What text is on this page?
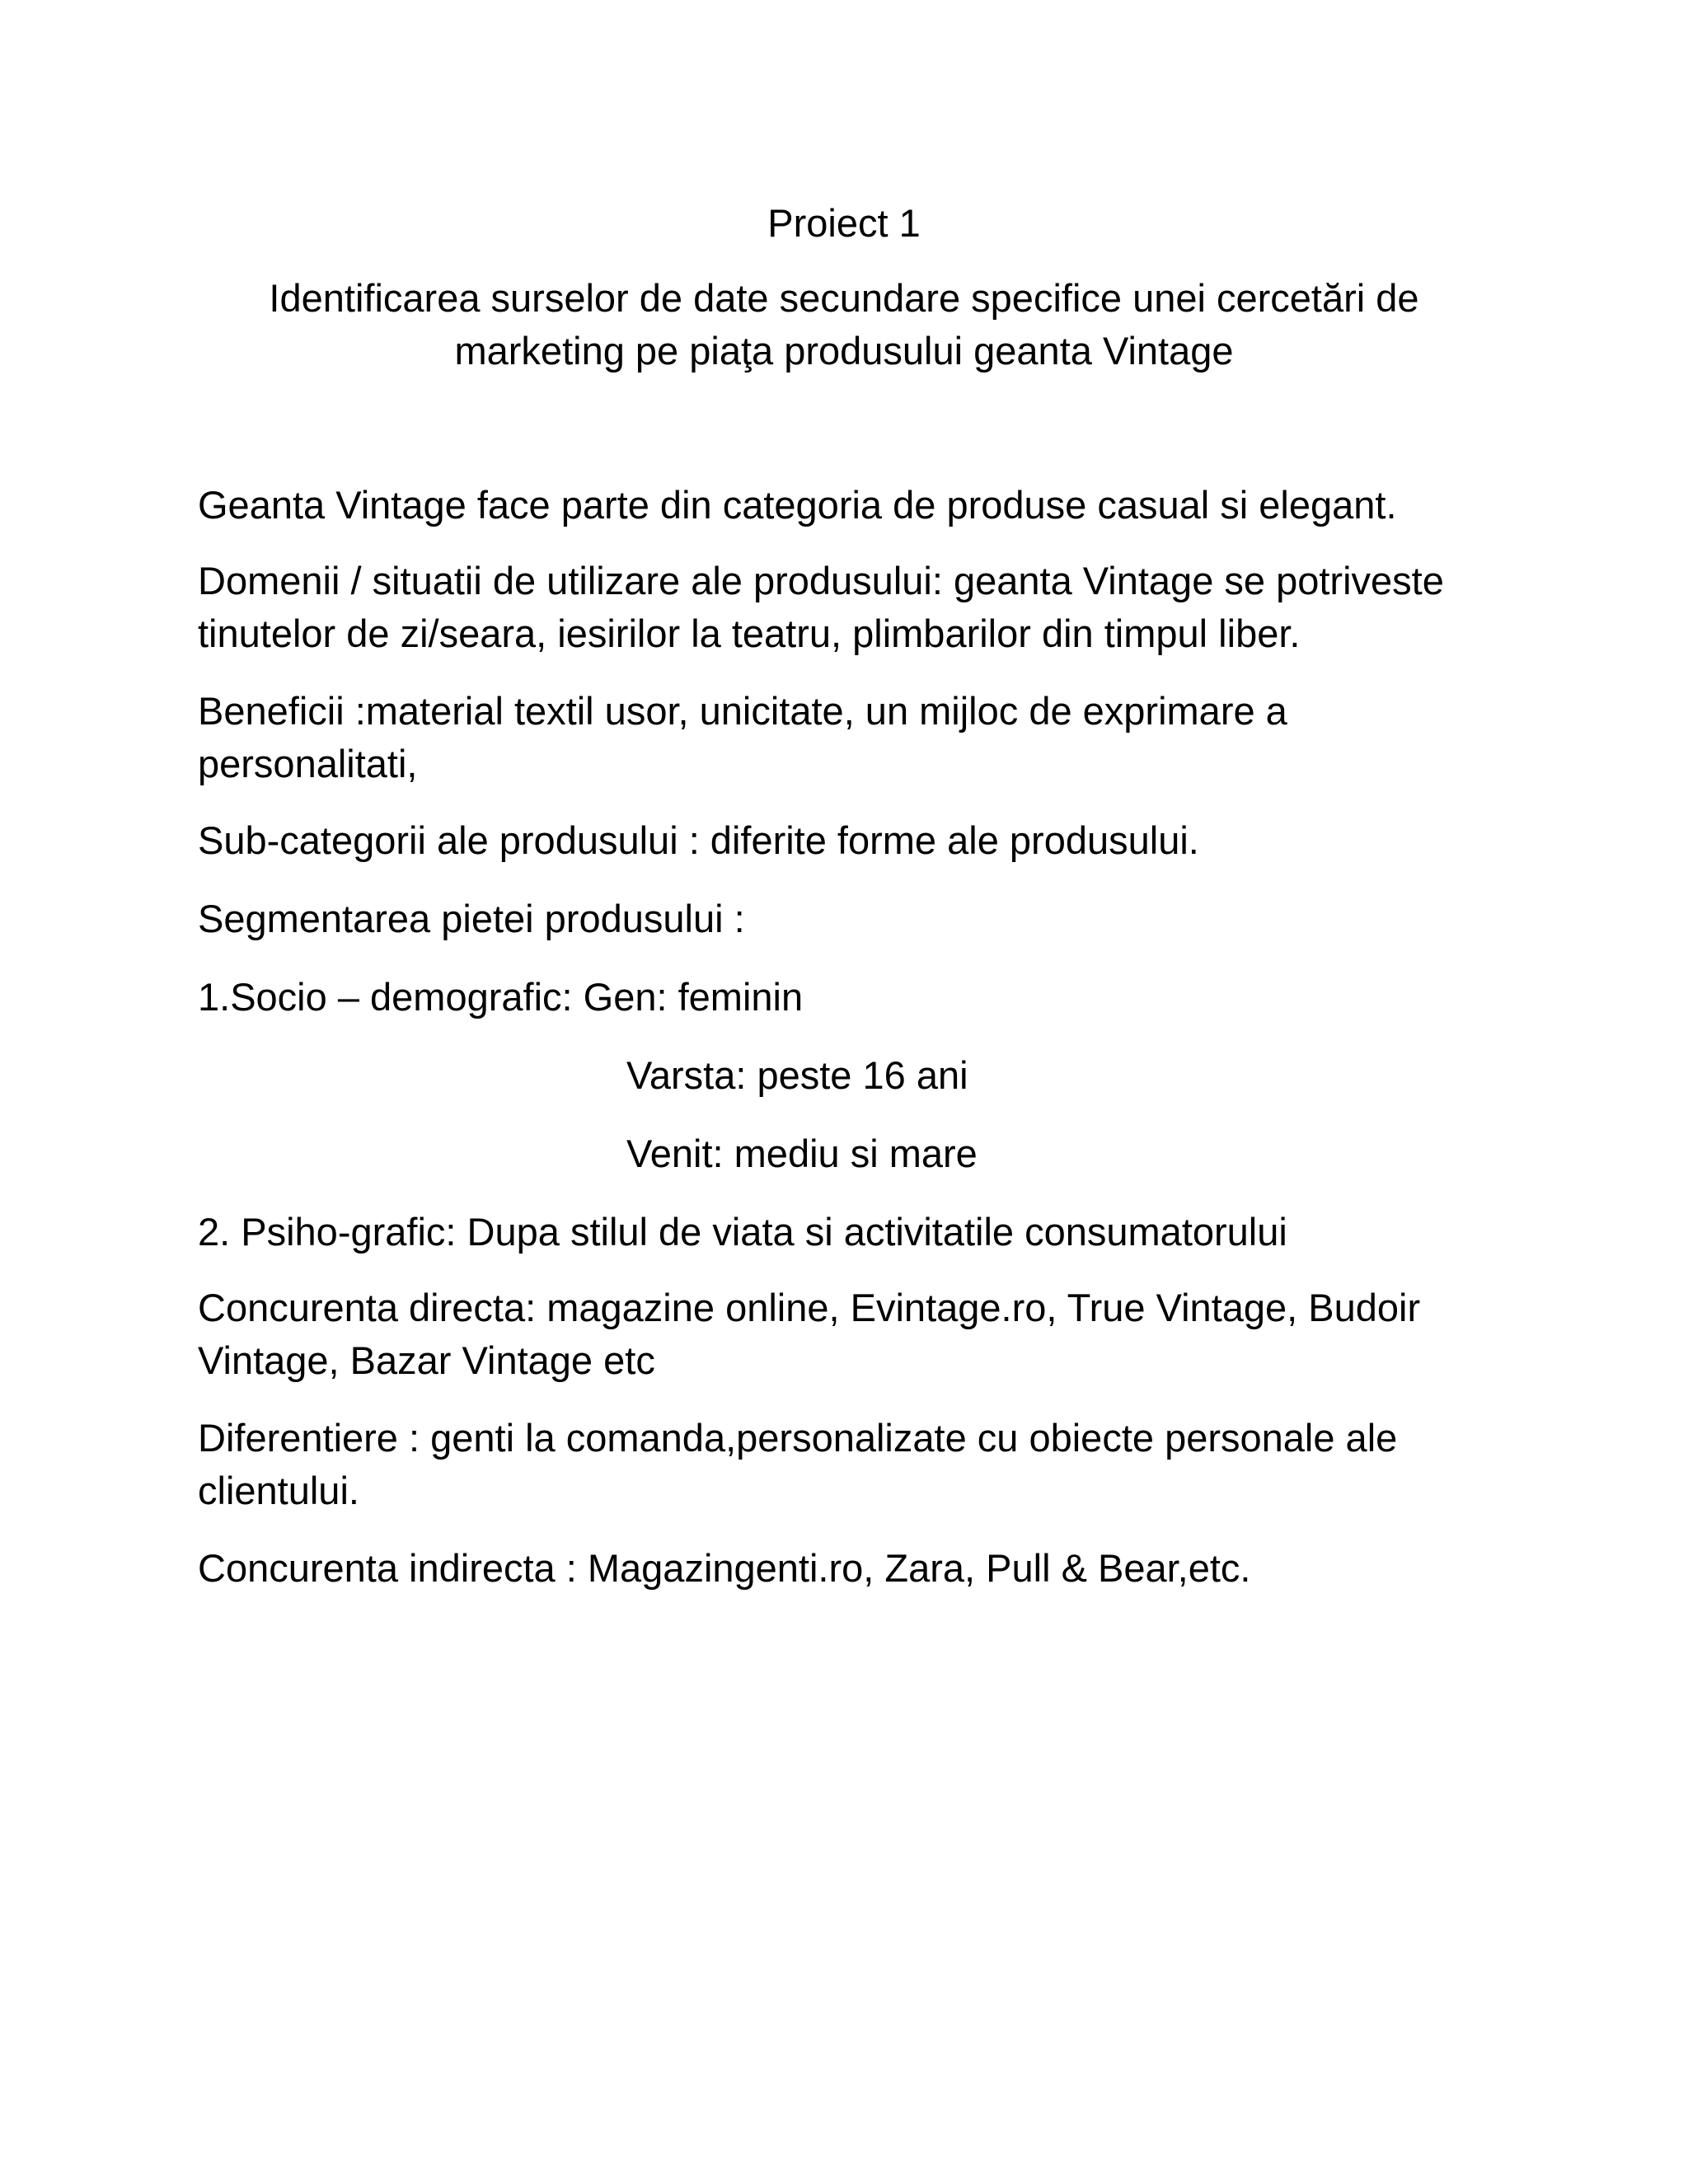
Proiect 1
Identificarea surselor de date secundare specifice unei cercetări de
marketing pe piaţa produsului geanta Vintage

Geanta Vintage face parte din categoria de produse casual si elegant.

Domenii / situatii de utilizare ale produsului: geanta Vintage se potriveste
tinutelor de zi/seara, iesirilor la teatru, plimbarilor din timpul liber.

Beneficii :material textil usor, unicitate, un mijloc de exprimare a
personalitati,

Sub-categorii ale produsului : diferite forme ale produsului.

Segmentarea pietei produsului :

1.Socio – demografic: Gen: feminin

Varsta: peste 16 ani

Venit: mediu si mare

2. Psiho-grafic: Dupa stilul de viata si activitatile consumatorului

Concurenta directa: magazine online, Evintage.ro, True Vintage, Budoir
Vintage, Bazar Vintage etc

Diferentiere : genti la comanda,personalizate cu obiecte personale ale
clientului.

Concurenta indirecta : Magazingenti.ro, Zara, Pull & Bear,etc.
